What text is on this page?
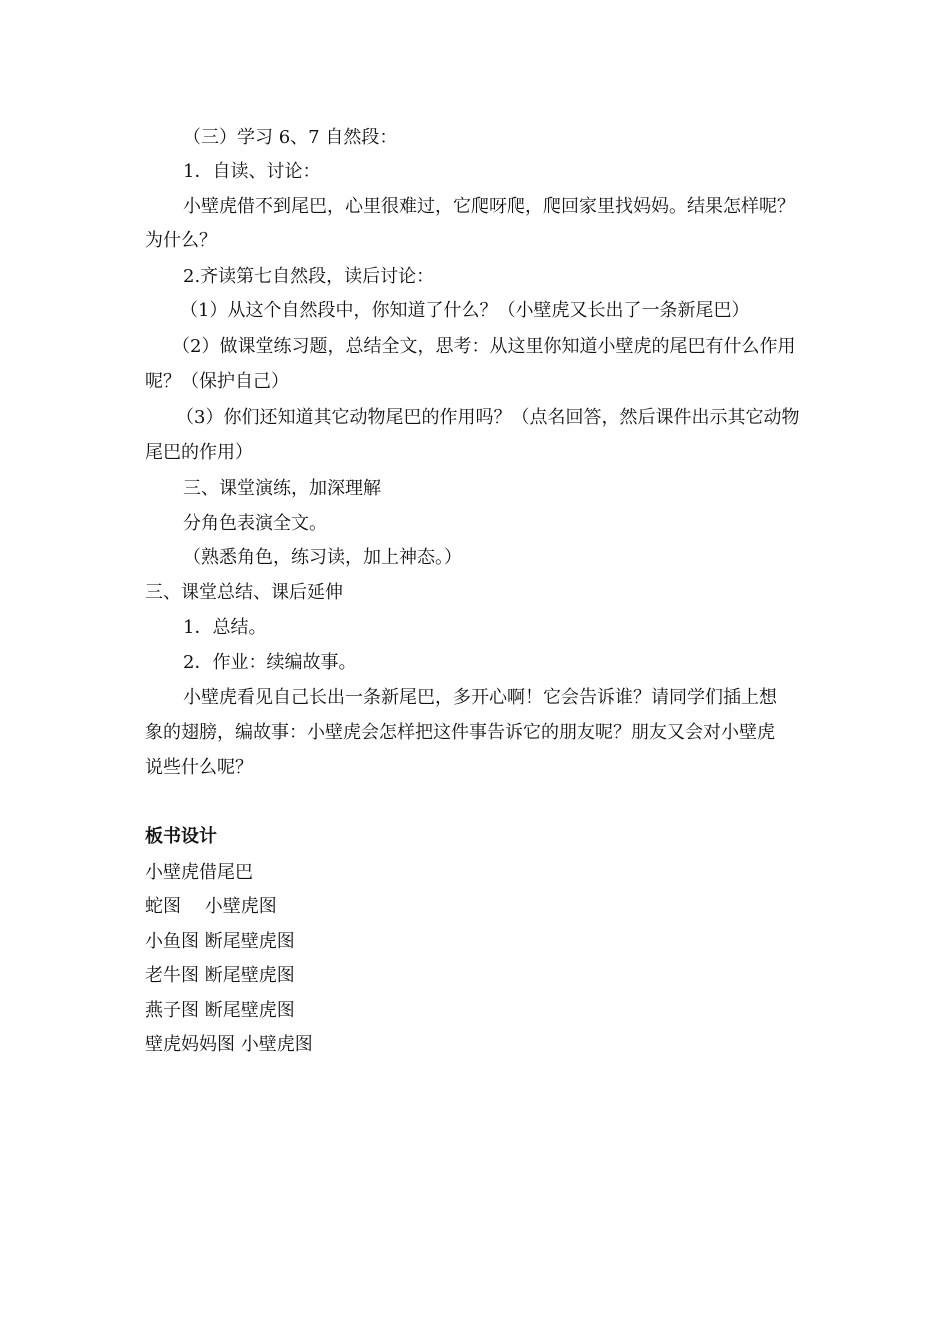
（三）学习 6、7 自然段：
1．自读、讨论：
小壁虎借不到尾巴，心里很难过，它爬呀爬，爬回家里找妈妈。结果怎样呢？
为什么？
2.齐读第七自然段，读后讨论：
（1）从这个自然段中，你知道了什么？（小壁虎又长出了一条新尾巴）
（2）做课堂练习题，总结全文，思考：从这里你知道小壁虎的尾巴有什么作用
呢？（保护自己）
（3）你们还知道其它动物尾巴的作用吗？（点名回答，然后课件出示其它动物
尾巴的作用）
三、课堂演练，加深理解
分角色表演全文。
（熟悉角色，练习读，加上神态。）
三、课堂总结、课后延伸
1．总结。
2．作业：续编故事。
小壁虎看见自己长出一条新尾巴，多开心啊！它会告诉谁？请同学们插上想
象的翅膀，编故事：小壁虎会怎样把这件事告诉它的朋友呢？朋友又会对小壁虎
说些什么呢？
板书设计
小壁虎借尾巴
蛇图　 小壁虎图
小鱼图 断尾壁虎图
老牛图 断尾壁虎图
燕子图 断尾壁虎图
壁虎妈妈图 小壁虎图
